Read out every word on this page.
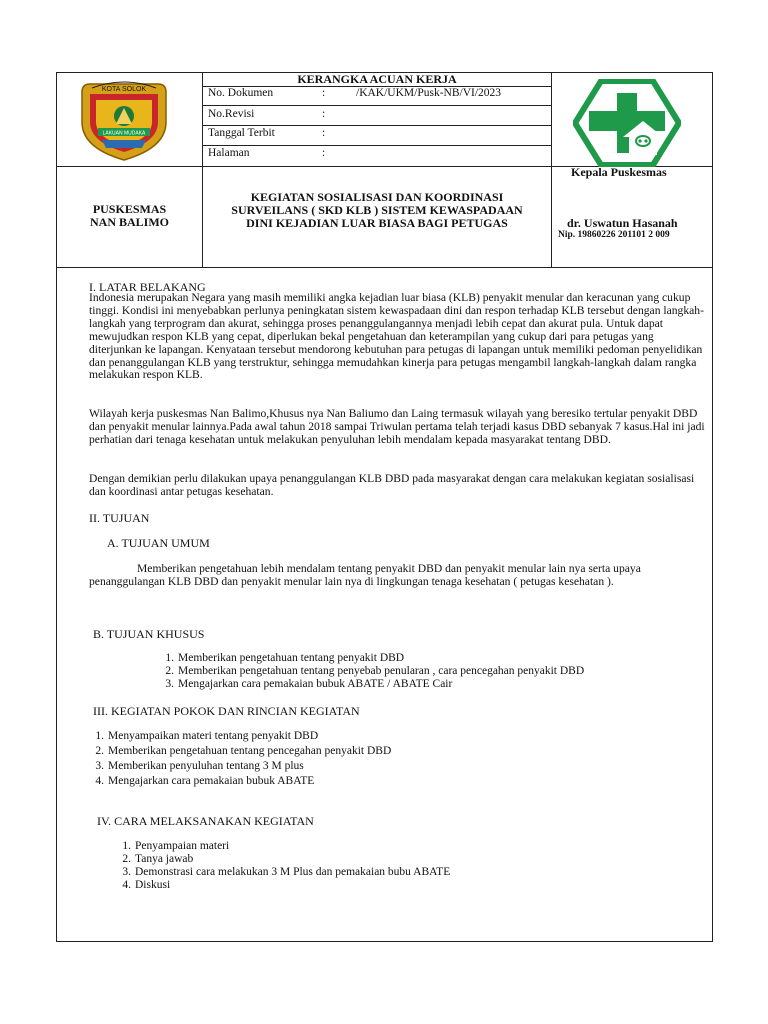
KOTA SOLOK
LAKUAN MUDAKA
KERANGKA ACUAN KERJA
No. Dokumen	:	/KAK/UKM/Pusk-NB/VI/2023
No.Revisi	:
Tanggal Terbit	:
Halaman	:
PUSKESMAS
NAN BALIMO
KEGIATAN SOSIALISASI DAN KOORDINASI SURVEILANS ( SKD KLB ) SISTEM KEWASPADAAN DINI KEJADIAN LUAR BIASA BAGI PETUGAS
Kepala Puskesmas
dr. Uswatun Hasanah
Nip. 19860226 201101 2 009
I. LATAR BELAKANG

Indonesia merupakan Negara yang masih memiliki angka kejadian luar biasa (KLB) penyakit menular dan keracunan yang cukup tinggi. Kondisi ini menyebabkan perlunya peningkatan sistem kewaspadaan dini dan respon terhadap KLB tersebut dengan langkah-langkah yang terprogram dan akurat, sehingga proses penanggulangannya menjadi lebih cepat dan akurat pula. Untuk dapat mewujudkan respon KLB yang cepat, diperlukan bekal pengetahuan dan keterampilan yang cukup dari para petugas yang diterjunkan ke lapangan. Kenyataan tersebut mendorong kebutuhan para petugas di lapangan untuk memiliki pedoman penyelidikan dan penanggulangan KLB yang terstruktur, sehingga memudahkan kinerja para petugas mengambil langkah-langkah dalam rangka melakukan respon KLB.

Wilayah kerja puskesmas Nan Balimo,Khusus nya Nan Baliumo dan Laing termasuk wilayah yang beresiko tertular penyakit DBD dan penyakit menular lainnya.Pada awal tahun 2018 sampai Triwulan pertama telah terjadi kasus DBD sebanyak 7 kasus.Hal ini jadi perhatian dari tenaga kesehatan untuk melakukan penyuluhan lebih mendalam kepada masyarakat tentang DBD.

Dengan demikian perlu dilakukan upaya penanggulangan KLB DBD pada masyarakat dengan cara melakukan kegiatan sosialisasi dan koordinasi antar petugas kesehatan.

II. TUJUAN
A. TUJUAN UMUM

Memberikan pengetahuan lebih mendalam tentang penyakit DBD dan penyakit menular lain nya serta upaya penanggulangan KLB DBD dan penyakit menular lain nya di lingkungan tenaga kesehatan ( petugas kesehatan ).

B. TUJUAN KHUSUS
1. Memberikan pengetahuan tentang penyakit DBD
2. Memberikan pengetahuan tentang penyebab penularan , cara pencegahan penyakit DBD
3. Mengajarkan cara pemakaian bubuk ABATE / ABATE Cair
III. KEGIATAN POKOK DAN RINCIAN KEGIATAN
1. Menyampaikan materi tentang penyakit DBD
2. Memberikan pengetahuan tentang pencegahan penyakit DBD
3. Memberikan penyuluhan tentang 3 M plus
4. Mengajarkan cara pemakaian bubuk ABATE
IV. CARA MELAKSANAKAN KEGIATAN
1. Penyampaian materi
2. Tanya jawab
3. Demonstrasi cara melakukan 3 M Plus dan pemakaian bubu ABATE
4. Diskusi
